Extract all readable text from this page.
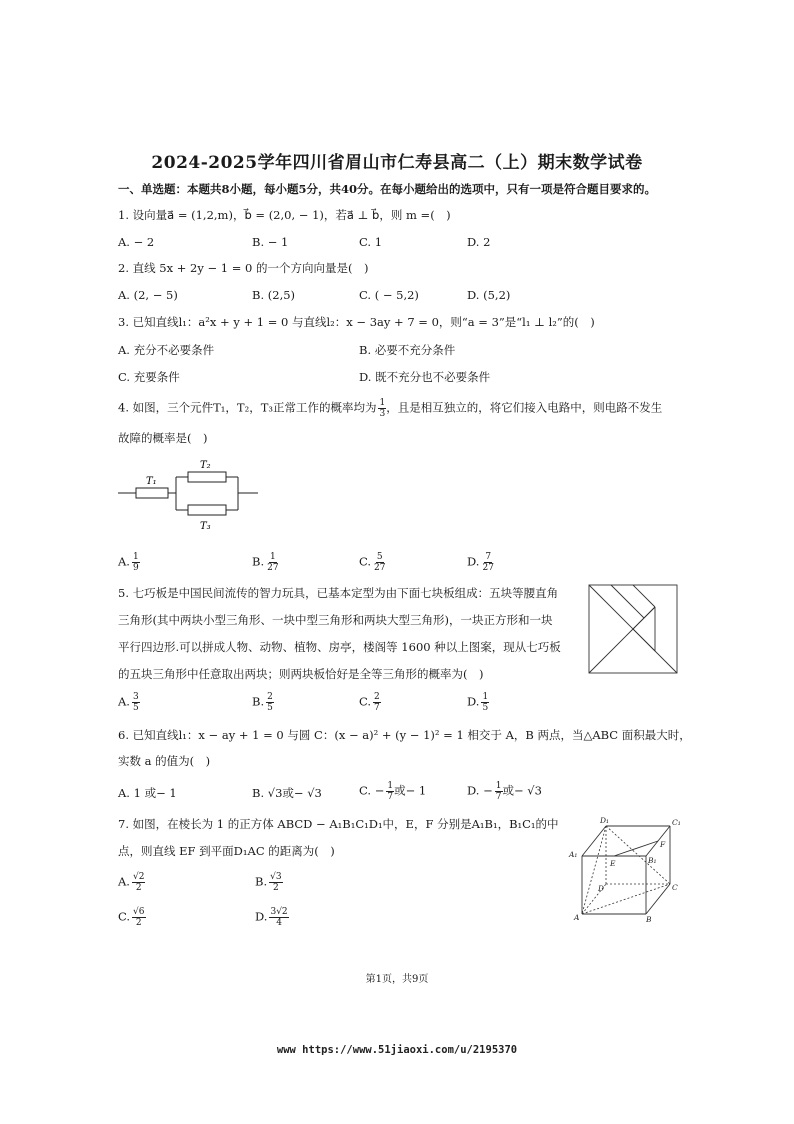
2024-2025学年四川省眉山市仁寿县高二（上）期末数学试卷
一、单选题：本题共8小题，每小题5分，共40分。在每小题给出的选项中，只有一项是符合题目要求的。
1. 设向量a⃗ = (1,2,m)，b⃗ = (2,0, − 1)，若a⃗ ⊥ b⃗，则 m =(　)
A. − 2	B. − 1	C. 1	D. 2
2. 直线 5x + 2y − 1 = 0 的一个方向向量是(　)
A. (2, − 5)	B. (2,5)	C. ( − 5,2)	D. (5,2)
3. 已知直线l₁：a²x + y + 1 = 0 与直线l₂：x − 3ay + 7 = 0，则“a = 3”是“l₁ ⊥ l₂”的(　)
A. 充分不必要条件	B. 必要不充分条件
C. 充要条件	D. 既不充分也不必要条件
4. 如图，三个元件T₁，T₂，T₃正常工作的概率均为 $\frac{1}{3}$ ，且是相互独立的，将它们接入电路中，则电路不发生
故障的概率是(　)
T₁
T₂
T₃
A. $\frac{1}{9}$	B. $\frac{1}{27}$	C. $\frac{5}{27}$	D. $\frac{7}{27}$
5. 七巧板是中国民间流传的智力玩具，已基本定型为由下面七块板组成：五块等腰直角
三角形(其中两块小型三角形、一块中型三角形和两块大型三角形)，一块正方形和一块
平行四边形.可以拼成人物、动物、植物、房亭，楼阁等 1600 种以上图案，现从七巧板
的五块三角形中任意取出两块；则两块板恰好是全等三角形的概率为(　)
A. $\frac{3}{5}$	B. $\frac{2}{5}$	C. $\frac{2}{7}$	D. $\frac{1}{5}$
6. 已知直线l₁：x − ay + 1 = 0 与圆 C：(x − a)² + (y − 1)² = 1 相交于 A，B 两点，当△ABC 面积最大时，
实数 a 的值为(　)
A. 1 或− 1	B. √3或− √3	C. − $\frac{1}{7}$ 或− 1	D. − $\frac{1}{7}$ 或− √3
7. 如图，在棱长为 1 的正方体 ABCD − A₁B₁C₁D₁中，E，F 分别是A₁B₁，B₁C₁的中
点，则直线 EF 到平面D₁AC 的距离为(　)
A. $\frac{√2}{2}$	B. $\frac{√3}{2}$
C. $\frac{√6}{2}$	D. $\frac{3√2}{4}$
D₁	C₁
A₁
E	B₁
F
D	C
A	B
第1页，共9页
www https://www.51jiaoxi.com/u/2195370
